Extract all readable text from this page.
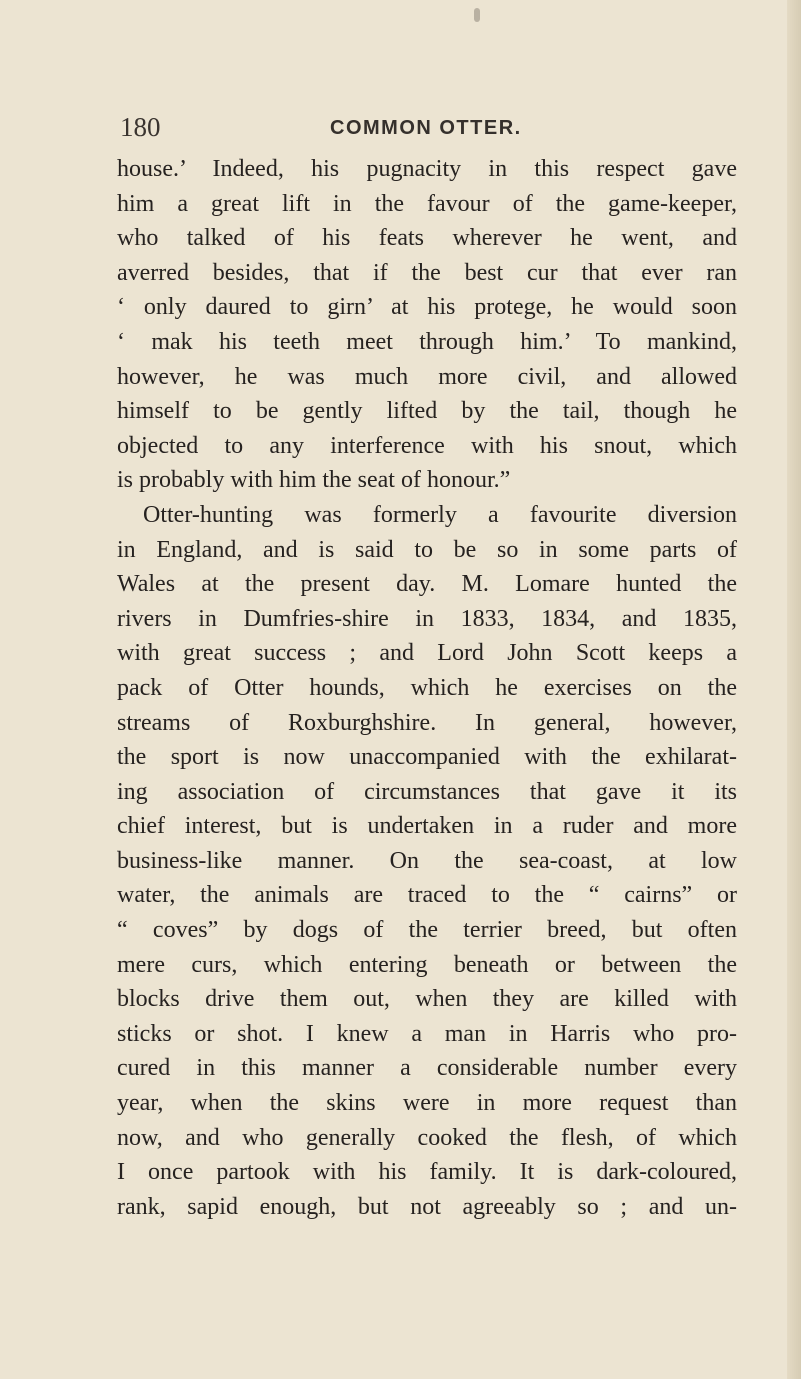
180	COMMON OTTER.
house.’ Indeed, his pugnacity in this respect gave
him a great lift in the favour of the game-keeper,
who talked of his feats wherever he went, and
averred besides, that if the best cur that ever ran
‘ only daured to girn’ at his protege, he would soon
‘ mak his teeth meet through him.’ To mankind,
however, he was much more civil, and allowed
himself to be gently lifted by the tail, though he
objected to any interference with his snout, which
is probably with him the seat of honour.”
Otter-hunting was formerly a favourite diversion
in England, and is said to be so in some parts of
Wales at the present day. M. Lomare hunted the
rivers in Dumfries-shire in 1833, 1834, and 1835,
with great success ; and Lord John Scott keeps a
pack of Otter hounds, which he exercises on the
streams of Roxburghshire. In general, however,
the sport is now unaccompanied with the exhilarat-
ing association of circumstances that gave it its
chief interest, but is undertaken in a ruder and more
business-like manner. On the sea-coast, at low
water, the animals are traced to the “ cairns” or
“ coves” by dogs of the terrier breed, but often
mere curs, which entering beneath or between the
blocks drive them out, when they are killed with
sticks or shot. I knew a man in Harris who pro-
cured in this manner a considerable number every
year, when the skins were in more request than
now, and who generally cooked the flesh, of which
I once partook with his family. It is dark-coloured,
rank, sapid enough, but not agreeably so ; and un-
